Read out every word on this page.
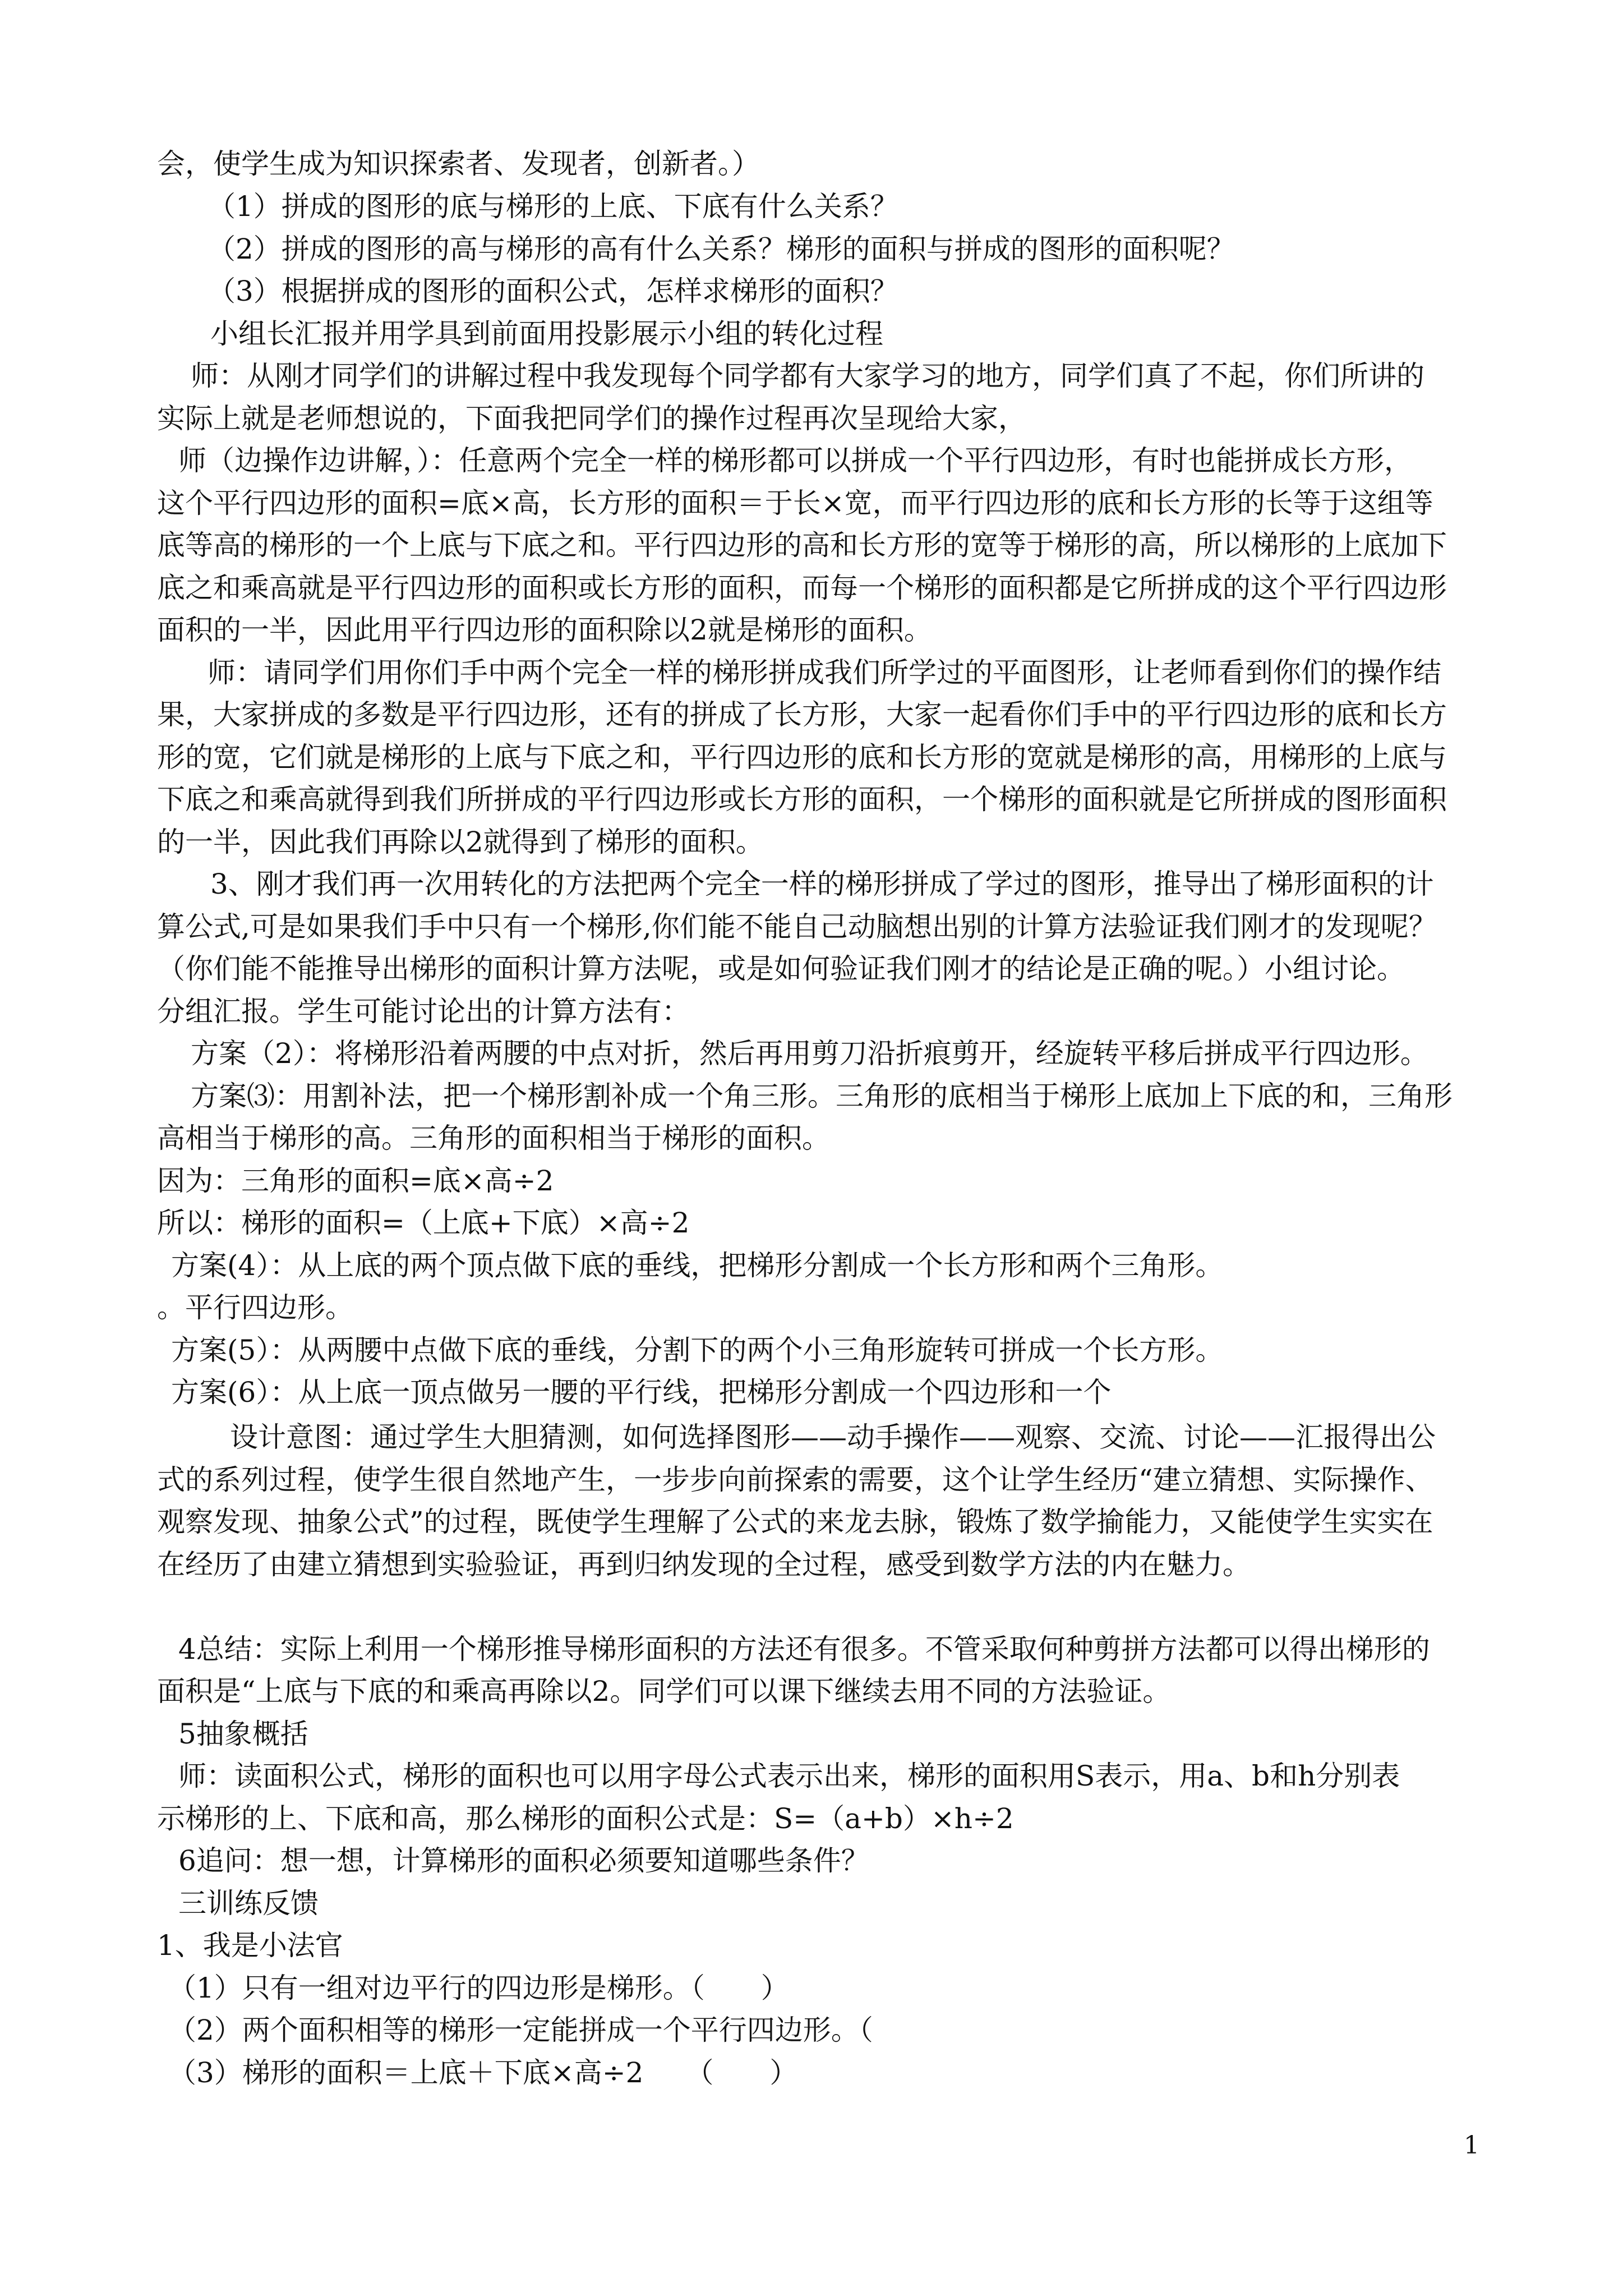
会，使学生成为知识探索者、发现者，创新者。）
（1）拼成的图形的底与梯形的上底、下底有什么关系？
（2）拼成的图形的高与梯形的高有什么关系？梯形的面积与拼成的图形的面积呢？
（3）根据拼成的图形的面积公式，怎样求梯形的面积？
小组长汇报并用学具到前面用投影展示小组的转化过程
师：从刚才同学们的讲解过程中我发现每个同学都有大家学习的地方，同学们真了不起，你们所讲的
实际上就是老师想说的，下面我把同学们的操作过程再次呈现给大家，
师（边操作边讲解，）：任意两个完全一样的梯形都可以拼成一个平行四边形，有时也能拼成长方形，
这个平行四边形的面积=底×高，长方形的面积＝于长×宽，而平行四边形的底和长方形的长等于这组等
底等高的梯形的一个上底与下底之和。平行四边形的高和长方形的宽等于梯形的高，所以梯形的上底加下
底之和乘高就是平行四边形的面积或长方形的面积，而每一个梯形的面积都是它所拼成的这个平行四边形
面积的一半，因此用平行四边形的面积除以2就是梯形的面积。
师：请同学们用你们手中两个完全一样的梯形拼成我们所学过的平面图形，让老师看到你们的操作结
果，大家拼成的多数是平行四边形，还有的拼成了长方形，大家一起看你们手中的平行四边形的底和长方
形的宽，它们就是梯形的上底与下底之和，平行四边形的底和长方形的宽就是梯形的高，用梯形的上底与
下底之和乘高就得到我们所拼成的平行四边形或长方形的面积，一个梯形的面积就是它所拼成的图形面积
的一半，因此我们再除以2就得到了梯形的面积。
3、刚才我们再一次用转化的方法把两个完全一样的梯形拼成了学过的图形，推导出了梯形面积的计
算公式,可是如果我们手中只有一个梯形,你们能不能自己动脑想出别的计算方法验证我们刚才的发现呢？
（你们能不能推导出梯形的面积计算方法呢，或是如何验证我们刚才的结论是正确的呢。）小组讨论。
分组汇报。学生可能讨论出的计算方法有：
方案（2）：将梯形沿着两腰的中点对折，然后再用剪刀沿折痕剪开，经旋转平移后拼成平行四边形。
方案⑶：用割补法，把一个梯形割补成一个角三形。三角形的底相当于梯形上底加上下底的和，三角形
高相当于梯形的高。三角形的面积相当于梯形的面积。
因为：三角形的面积=底×高÷2
所以：梯形的面积=（上底+下底）×高÷2
方案(4）：从上底的两个顶点做下底的垂线，把梯形分割成一个长方形和两个三角形。
。平行四边形。
方案(5）：从两腰中点做下底的垂线，分割下的两个小三角形旋转可拼成一个长方形。
方案(6）：从上底一顶点做另一腰的平行线，把梯形分割成一个四边形和一个
设计意图：通过学生大胆猜测，如何选择图形——动手操作——观察、交流、讨论——汇报得出公
式的系列过程，使学生很自然地产生，一步步向前探索的需要，这个让学生经历“建立猜想、实际操作、
观察发现、抽象公式”的过程，既使学生理解了公式的来龙去脉，锻炼了数学揄能力，又能使学生实实在
在经历了由建立猜想到实验验证，再到归纳发现的全过程，感受到数学方法的内在魅力。
4总结：实际上利用一个梯形推导梯形面积的方法还有很多。不管采取何种剪拼方法都可以得出梯形的
面积是“上底与下底的和乘高再除以2。同学们可以课下继续去用不同的方法验证。
5抽象概括
师：读面积公式，梯形的面积也可以用字母公式表示出来，梯形的面积用S表示，用a、b和h分别表
示梯形的上、下底和高，那么梯形的面积公式是：S=（a+b）×h÷2
6追问：想一想，计算梯形的面积必须要知道哪些条件？
三训练反馈
1、我是小法官
（1）只有一组对边平行的四边形是梯形。（　　）
（2）两个面积相等的梯形一定能拼成一个平行四边形。（
（3）梯形的面积＝上底＋下底×高÷2　　（　　）
1
